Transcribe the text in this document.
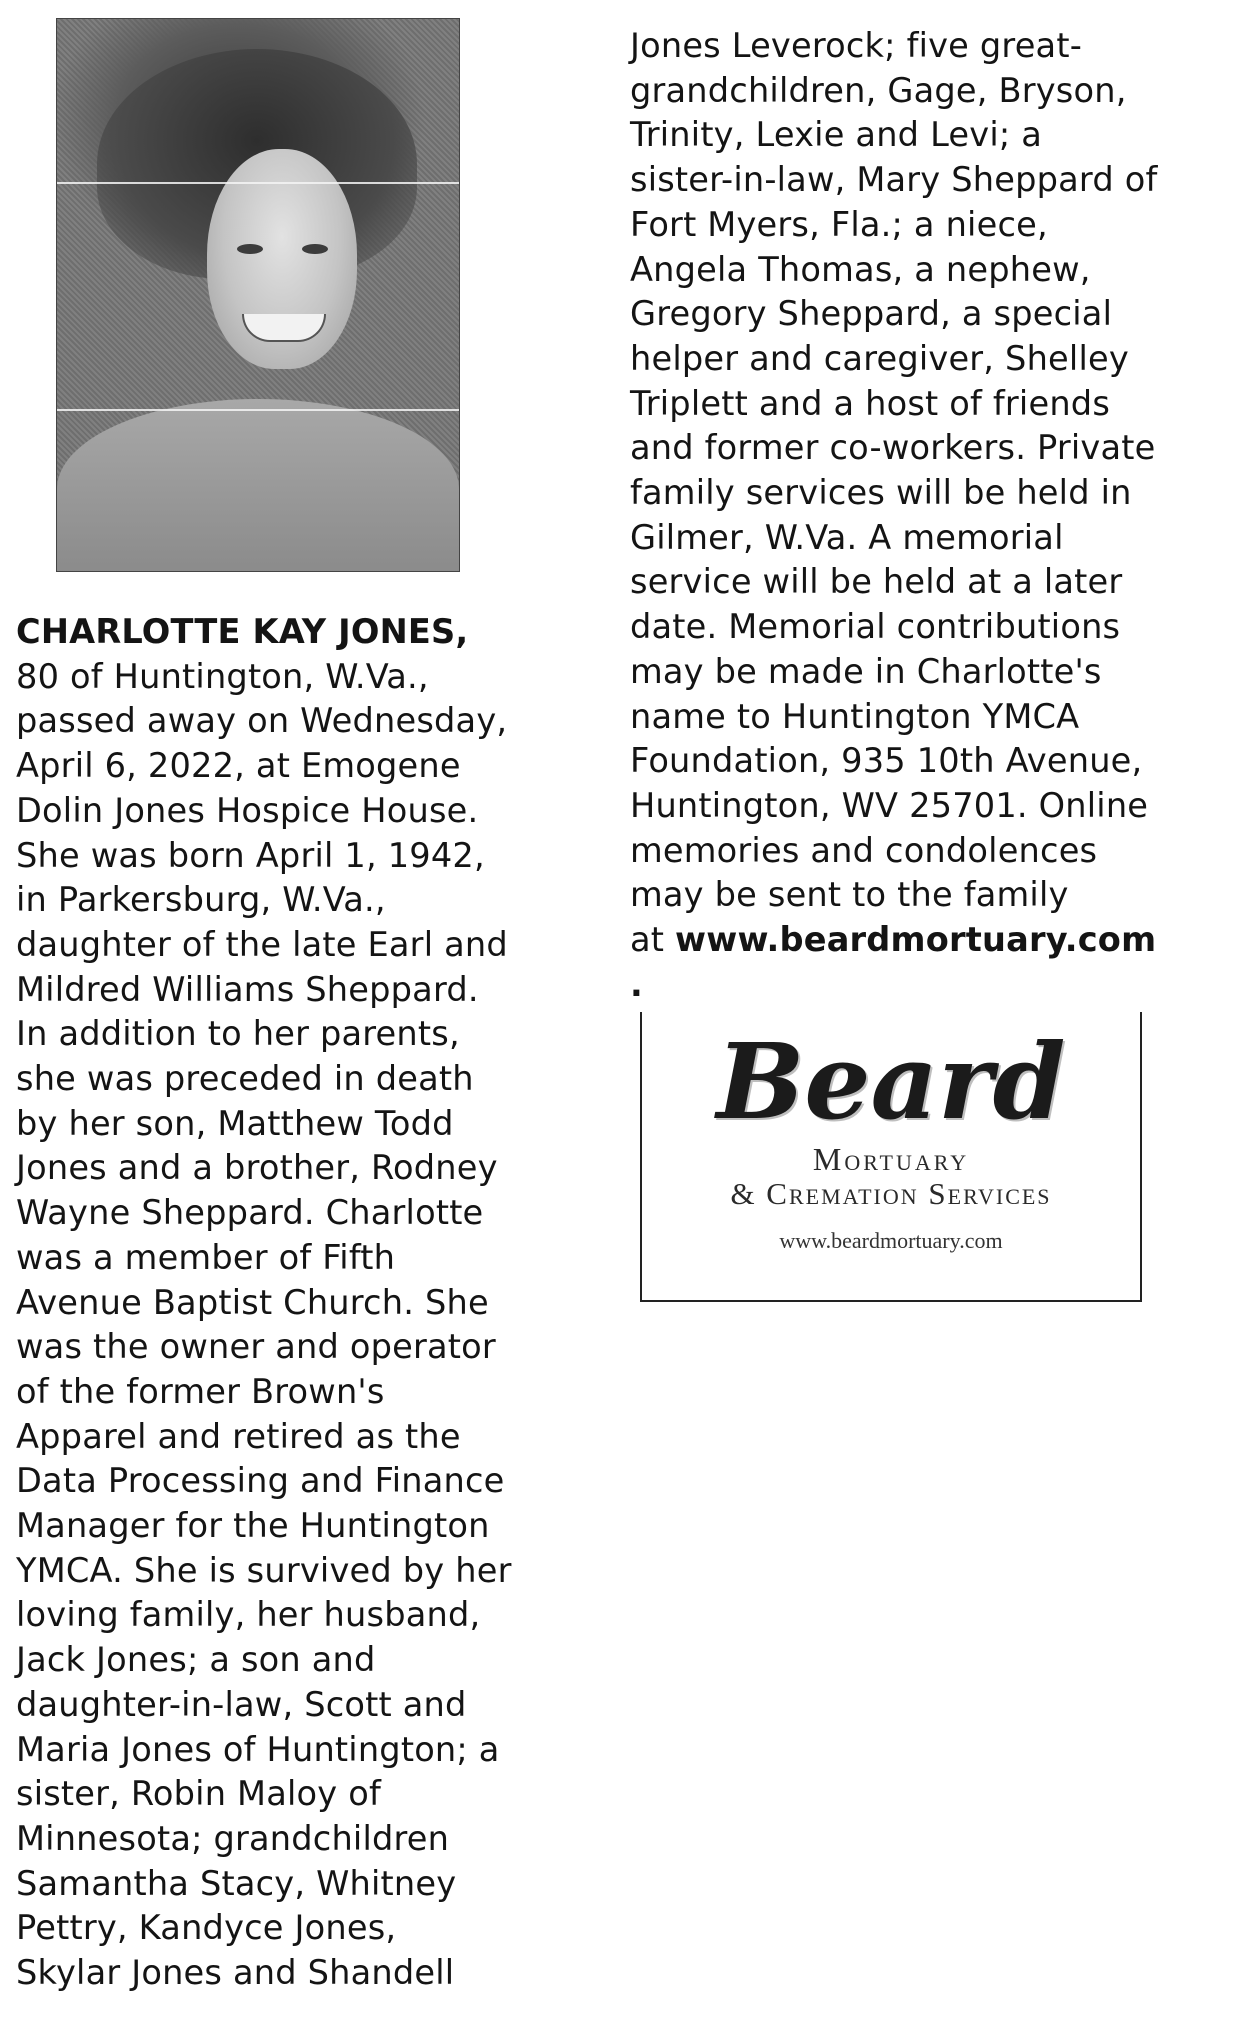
CHARLOTTE KAY JONES,
80 of Huntington, W.Va.,
passed away on Wednesday,
April 6, 2022, at Emogene
Dolin Jones Hospice House.
She was born April 1, 1942,
in Parkersburg, W.Va.,
daughter of the late Earl and
Mildred Williams Sheppard.
In addition to her parents,
she was preceded in death
by her son, Matthew Todd
Jones and a brother, Rodney
Wayne Sheppard. Charlotte
was a member of Fifth
Avenue Baptist Church. She
was the owner and operator
of the former Brown's
Apparel and retired as the
Data Processing and Finance
Manager for the Huntington
YMCA. She is survived by her
loving family, her husband,
Jack Jones; a son and
daughter-in-law, Scott and
Maria Jones of Huntington; a
sister, Robin Maloy of
Minnesota; grandchildren
Samantha Stacy, Whitney
Pettry, Kandyce Jones,
Skylar Jones and Shandell
Jones Leverock; five great-
grandchildren, Gage, Bryson,
Trinity, Lexie and Levi; a
sister-in-law, Mary Sheppard of
Fort Myers, Fla.; a niece,
Angela Thomas, a nephew,
Gregory Sheppard, a special
helper and caregiver, Shelley
Triplett and a host of friends
and former co-workers. Private
family services will be held in
Gilmer, W.Va. A memorial
service will be held at a later
date. Memorial contributions
may be made in Charlotte's
name to Huntington YMCA
Foundation, 935 10th Avenue,
Huntington, WV 25701. Online
memories and condolences
may be sent to the family
at www.beardmortuary.com
.
Beard
Mortuary
& Cremation Services
www.beardmortuary.com
